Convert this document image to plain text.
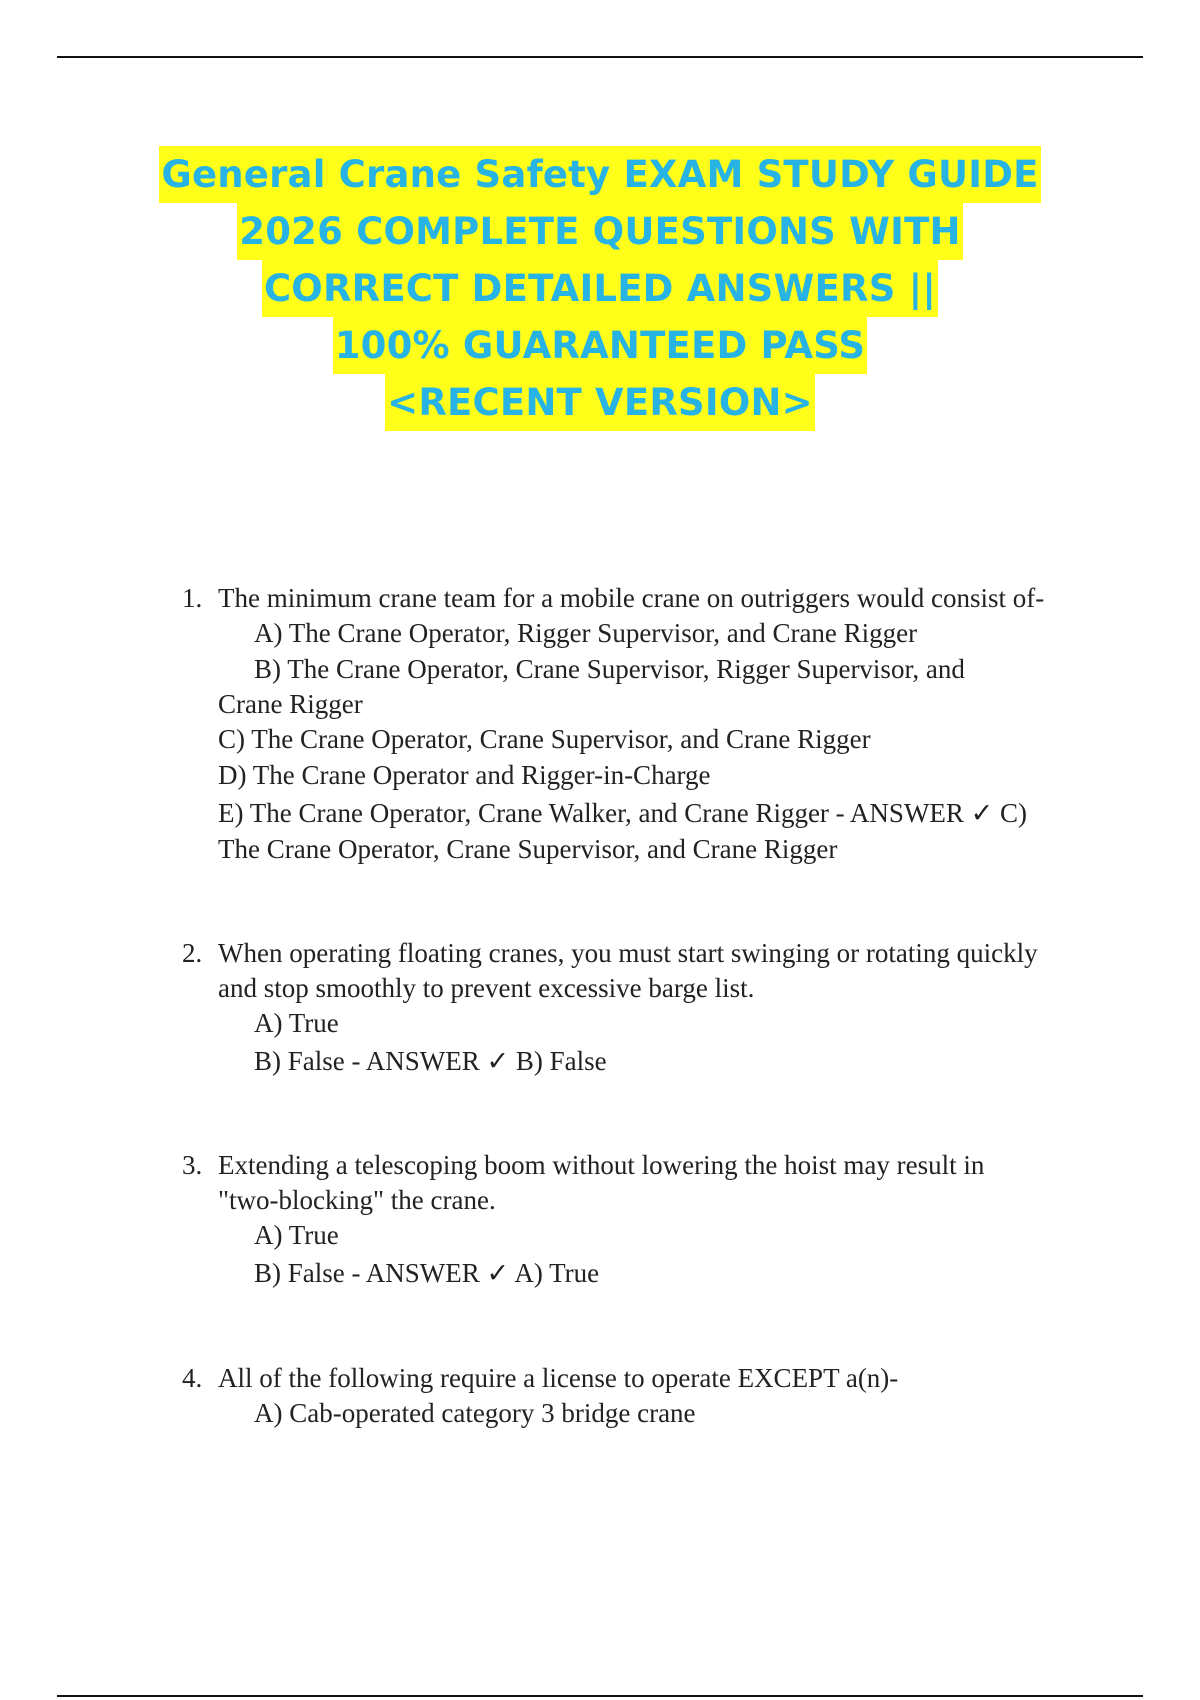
General Crane Safety EXAM STUDY GUIDE
2026 COMPLETE QUESTIONS WITH
CORRECT DETAILED ANSWERS ||
100% GUARANTEED PASS
<RECENT VERSION>
1. The minimum crane team for a mobile crane on outriggers would consist of-
A) The Crane Operator, Rigger Supervisor, and Crane Rigger
B) The Crane Operator, Crane Supervisor, Rigger Supervisor, and
Crane Rigger
C) The Crane Operator, Crane Supervisor, and Crane Rigger
D) The Crane Operator and Rigger-in-Charge
E) The Crane Operator, Crane Walker, and Crane Rigger - ANSWER ✓ C)
The Crane Operator, Crane Supervisor, and Crane Rigger
2. When operating floating cranes, you must start swinging or rotating quickly
and stop smoothly to prevent excessive barge list.
A) True
B) False - ANSWER ✓ B) False
3. Extending a telescoping boom without lowering the hoist may result in
"two-blocking" the crane.
A) True
B) False - ANSWER ✓ A) True
4. All of the following require a license to operate EXCEPT a(n)-
A) Cab-operated category 3 bridge crane
